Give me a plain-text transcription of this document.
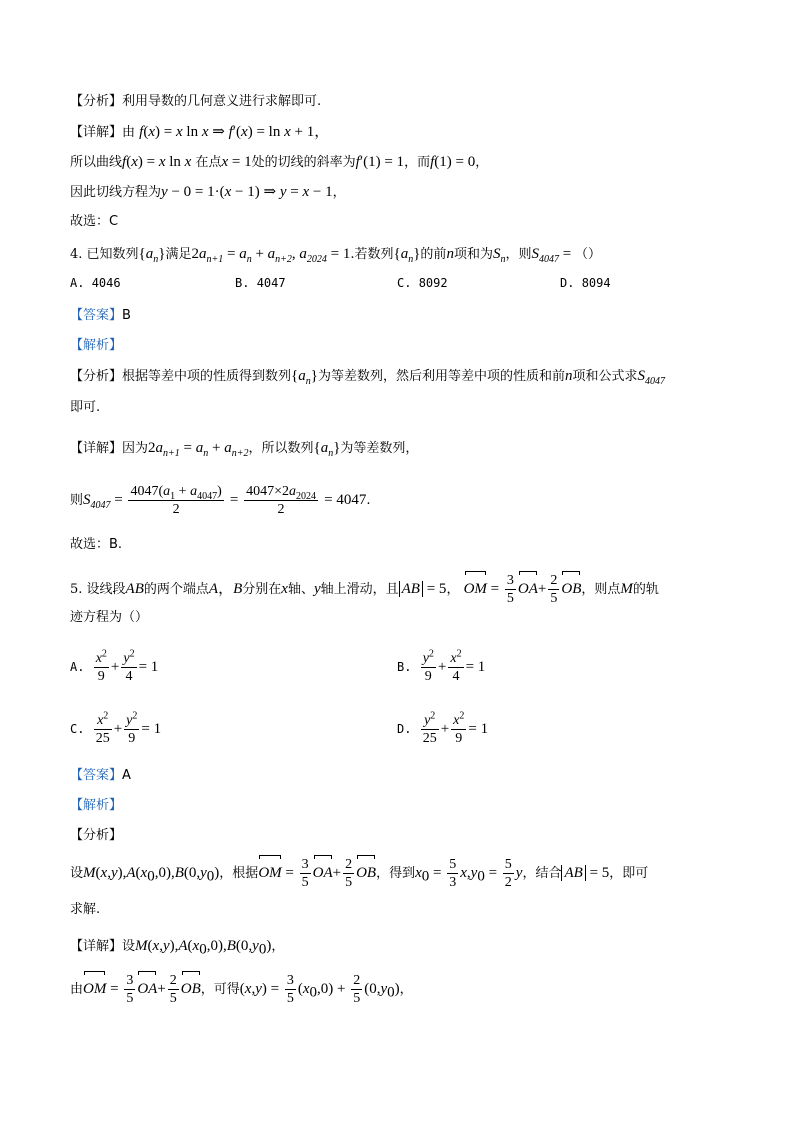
【分析】利用导数的几何意义进行求解即可.
【详解】由 f(x) = x ln x ⇒ f′(x) = ln x + 1，
所以曲线f(x) = x ln x 在点x = 1处的切线的斜率为f′(1) = 1，而f(1) = 0，
因此切线方程为y − 0 = 1·(x − 1) ⇒ y = x − 1，
故选：C
4. 已知数列$\{a_n\}$满足$2a_{n+1} = a_n + a_{n+2}$, $a_{2024} = 1$.若数列$\{a_n\}$的前n项和为$S_n$，则$S_{4047}$ = （）
A. 4046	B. 4047	C. 8092	D. 8094
【答案】B
【解析】
【分析】根据等差中项的性质得到数列$\{a_n\}$为等差数列，然后利用等差中项的性质和前n项和公式求$S_{4047}$
即可.
【详解】因为$2a_{n+1} = a_n + a_{n+2}$，所以数列$\{a_n\}$为等差数列，
则$S_{4047} = \frac{4047(a_1 + a_{4047})}{2} = \frac{4047\times 2a_{2024}}{2} = 4047$.
故选：B.
5. 设线段AB的两个端点A，B分别在x轴、y轴上滑动，且 AB = 5， OM = $\frac{3}{5} OA+ \frac{2}{5}$ OB，则点M的轨
迹方程为（）
A. $\frac{x^2}{9} + \frac{y^2}{4} = 1$	B. $\frac{y^2}{9} + \frac{x^2}{4} = 1$
C. $\frac{x^2}{25} + \frac{y^2}{9} = 1$	D. $\frac{y^2}{25} + \frac{x^2}{9} = 1$
【答案】A
【解析】
【分析】
设$M(x,y),A(x_0,0),B(0,y_0)$，根据OM = $\frac{3}{5} OA+ \frac{2}{5}$ OB，得到$x_0 = \frac{5}{3} x,y_0 = \frac{5}{2}$ y，结合 AB = 5，即可
求解.
【详解】设$M(x,y),A(x_0,0),B(0,y_0)$，
由OM = $\frac{3}{5} OA+ \frac{2}{5}$ OB，可得$(x,y) = \frac{3}{5} (x_0,0) + \frac{2}{5} (0,y_0)$，
